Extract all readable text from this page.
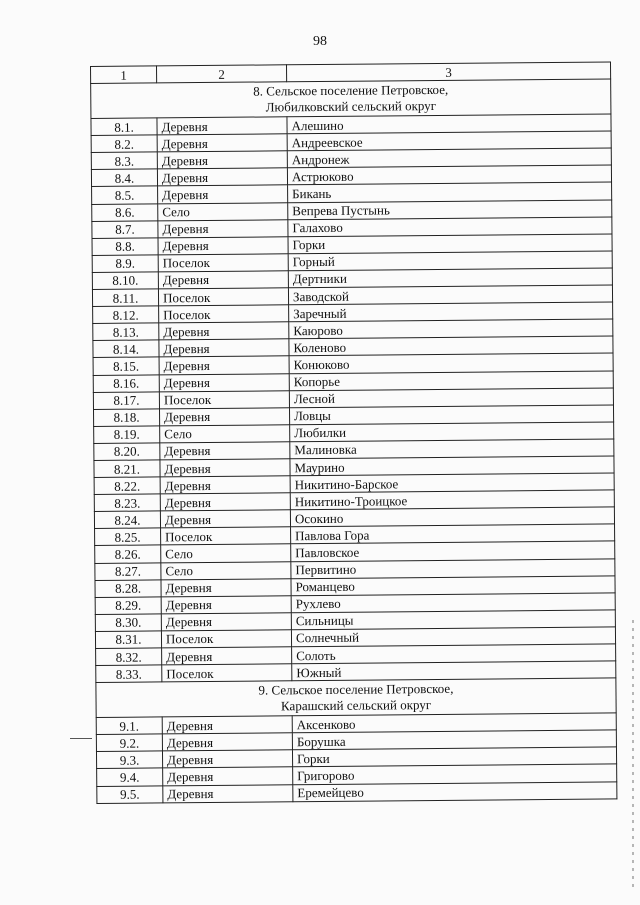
98
1	2	3

8. Сельское поселение Петровское,
Любилковский сельский округ		

8.1.	Деревня	Алешино
8.2.	Деревня	Андреевское
8.3.	Деревня	Андронеж
8.4.	Деревня	Астрюково
8.5.	Деревня	Бикань
8.6.	Село	Вепрева Пустынь
8.7.	Деревня	Галахово
8.8.	Деревня	Горки
8.9.	Поселок	Горный
8.10.	Деревня	Дертники
8.11.	Поселок	Заводской
8.12.	Поселок	Заречный
8.13.	Деревня	Каюрово
8.14.	Деревня	Коленово
8.15.	Деревня	Конюково
8.16.	Деревня	Копорье
8.17.	Поселок	Лесной
8.18.	Деревня	Ловцы
8.19.	Село	Любилки
8.20.	Деревня	Малиновка
8.21.	Деревня	Маурино
8.22.	Деревня	Никитино-Барское
8.23.	Деревня	Никитино-Троицкое
8.24.	Деревня	Осокино
8.25.	Поселок	Павлова Гора
8.26.	Село	Павловское
8.27.	Село	Первитино
8.28.	Деревня	Романцево
8.29.	Деревня	Рухлево
8.30.	Деревня	Сильницы
8.31.	Поселок	Солнечный
8.32.	Деревня	Солоть
8.33.	Поселок	Южный

9. Сельское поселение Петровское,
Карашский сельский округ		

9.1.	Деревня	Аксенково
9.2.	Деревня	Борушка
9.3.	Деревня	Горки
9.4.	Деревня	Григорово
9.5.	Деревня	Еремейцево
